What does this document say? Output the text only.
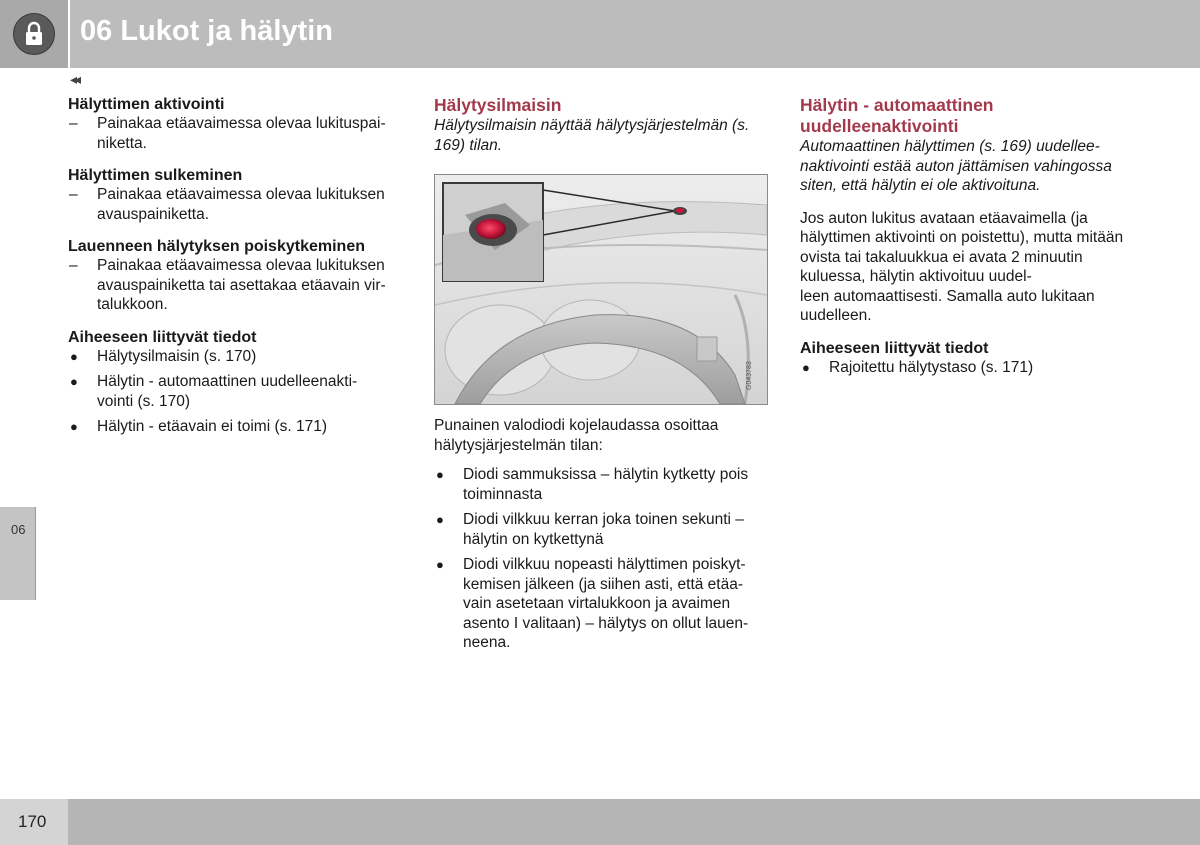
06 Lukot ja hälytin
◂◂
Hälyttimen aktivointi
– Painakaa etäavaimessa olevaa lukituspai-
niketta.
Hälyttimen sulkeminen
– Painakaa etäavaimessa olevaa lukituksen avauspainiketta.
Lauenneen hälytyksen poiskytkeminen
– Painakaa etäavaimessa olevaa lukituksen avauspainiketta tai asettakaa etäavain vir-
talukkoon.
Aiheeseen liittyvät tiedot
● Hälytysilmaisin (s. 170)
● Hälytin - automaattinen uudelleenakti-
vointi (s. 170)
● Hälytin - etäavain ei toimi (s. 171)
Hälytysilmaisin

Hälytysilmaisin näyttää hälytysjärjestelmän (s. 169) tilan.

G043783

Punainen valodiodi kojelaudassa osoittaa hälytysjärjestelmän tilan:

● Diodi sammuksissa – hälytin kytketty pois toiminnasta
● Diodi vilkkuu kerran joka toinen sekunti – hälytin on kytkettynä
● Diodi vilkkuu nopeasti hälyttimen poiskyt-
kemisen jälkeen (ja siihen asti, että etäa-
vain asetetaan virtalukkoon ja avaimen asento I valitaan) – hälytys on ollut lauen-
neena.
Hälytin - automaattinen uudelleenaktivointi

Automaattinen hälyttimen (s. 169) uudellee-
naktivointi estää auton jättämisen vahingossa siten, että hälytin ei ole aktivoituna.

Jos auton lukitus avataan etäavaimella (ja hälyttimen aktivointi on poistettu), mutta mitään ovista tai takaluukkua ei avata 2 minuutin kuluessa, hälytin aktivoituu uudel-
leen automaattisesti. Samalla auto lukitaan uudelleen.

Aiheeseen liittyvät tiedot
● Rajoitettu hälytystaso (s. 171)
06
170
